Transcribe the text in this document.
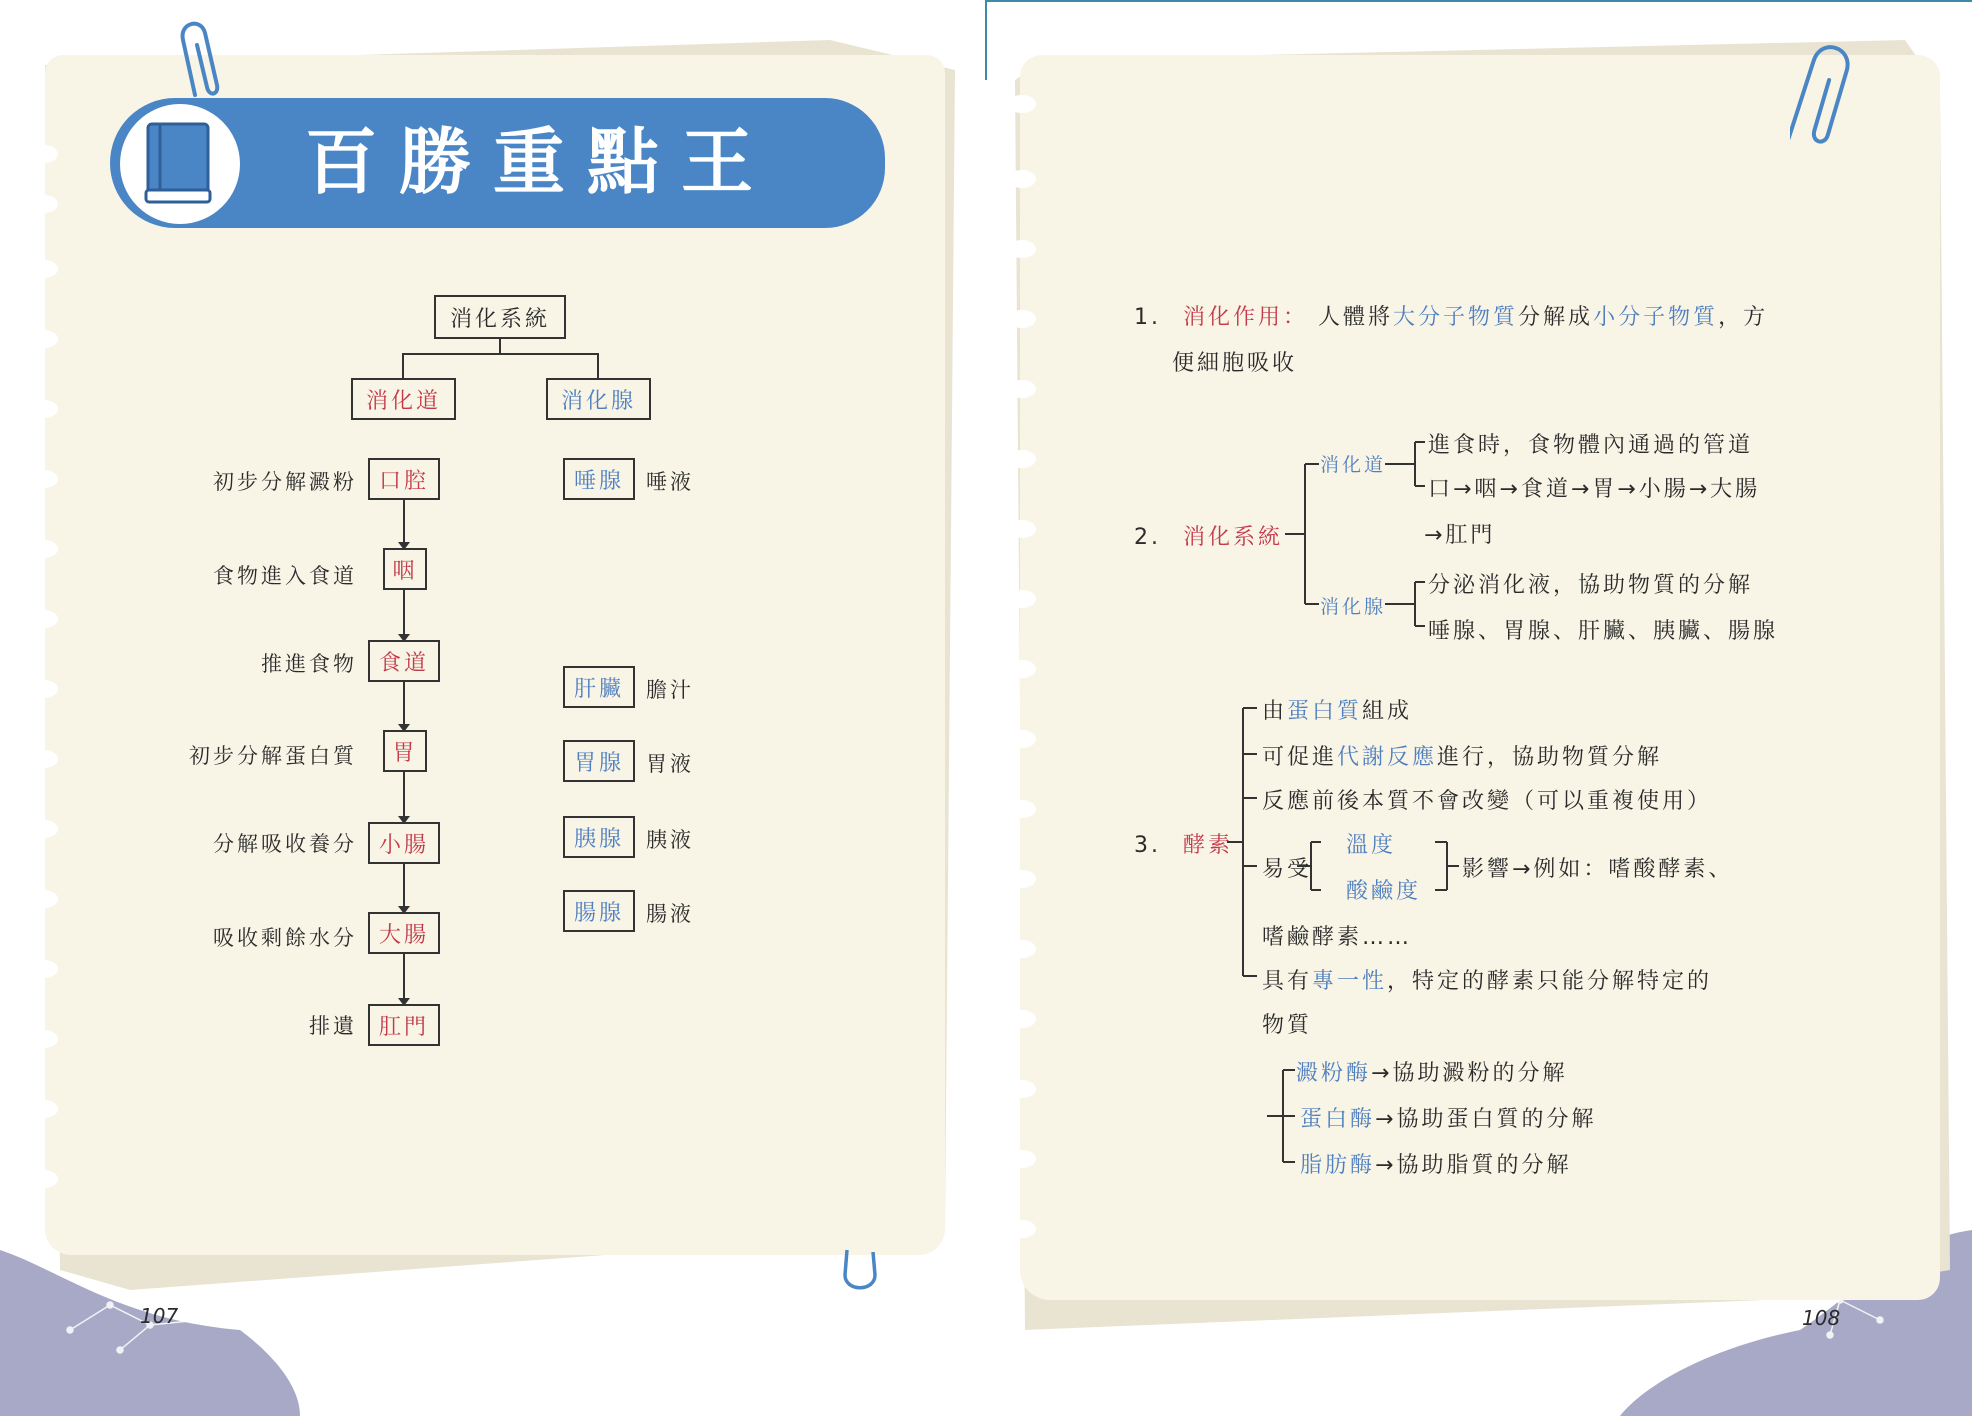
百勝重點王
消化系統
消化道	消化腺
初步分解澱粉 口腔
食物進入食道	咽
推進食物 食道
初步分解蛋白質	胃
分解吸收養分 小腸
吸收剩餘水分 大腸
排遺 肛門
唾腺	唾液
肝臟	膽汁
胃腺	胃液
胰腺	胰液
腸腺	腸液
107
1. 消化作用： 人體將大分子物質分解成小分子物質，方
便細胞吸收
2. 消化系統
消化道
進食時，食物體內通過的管道
口→咽→食道→胃→小腸→大腸
→肛門
消化腺
分泌消化液，協助物質的分解
唾腺、胃腺、肝臟、胰臟、腸腺
3. 酵素
由蛋白質組成
可促進代謝反應進行，協助物質分解
反應前後本質不會改變（可以重複使用）
易受
溫度
酸鹼度
影響→例如：嗜酸酵素、
嗜鹼酵素……
具有專一性，特定的酵素只能分解特定的
物質
澱粉酶→協助澱粉的分解
蛋白酶→協助蛋白質的分解
脂肪酶→協助脂質的分解
108
